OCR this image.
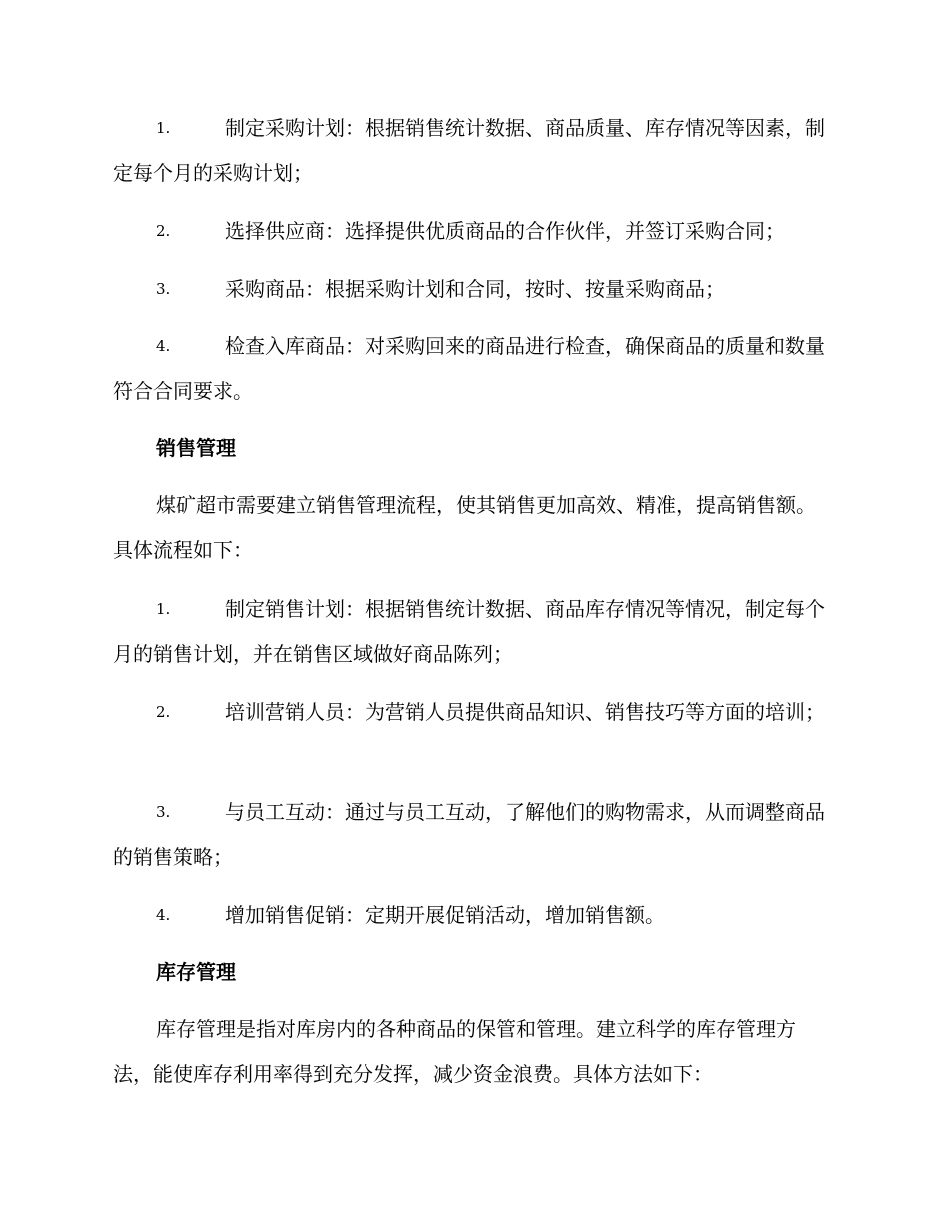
1.	制定采购计划：根据销售统计数据、商品质量、库存情况等因素，制定每个月的采购计划；
2.	选择供应商：选择提供优质商品的合作伙伴，并签订采购合同；
3.	采购商品：根据采购计划和合同，按时、按量采购商品；
4.	检查入库商品：对采购回来的商品进行检查，确保商品的质量和数量符合合同要求。
销售管理
煤矿超市需要建立销售管理流程，使其销售更加高效、精准，提高销售额。具体流程如下：
1.	制定销售计划：根据销售统计数据、商品库存情况等情况，制定每个月的销售计划，并在销售区域做好商品陈列；
2.	培训营销人员：为营销人员提供商品知识、销售技巧等方面的培训；
3.	与员工互动：通过与员工互动，了解他们的购物需求，从而调整商品的销售策略；
4.	增加销售促销：定期开展促销活动，增加销售额。
库存管理
库存管理是指对库房内的各种商品的保管和管理。建立科学的库存管理方法，能使库存利用率得到充分发挥，减少资金浪费。具体方法如下：
